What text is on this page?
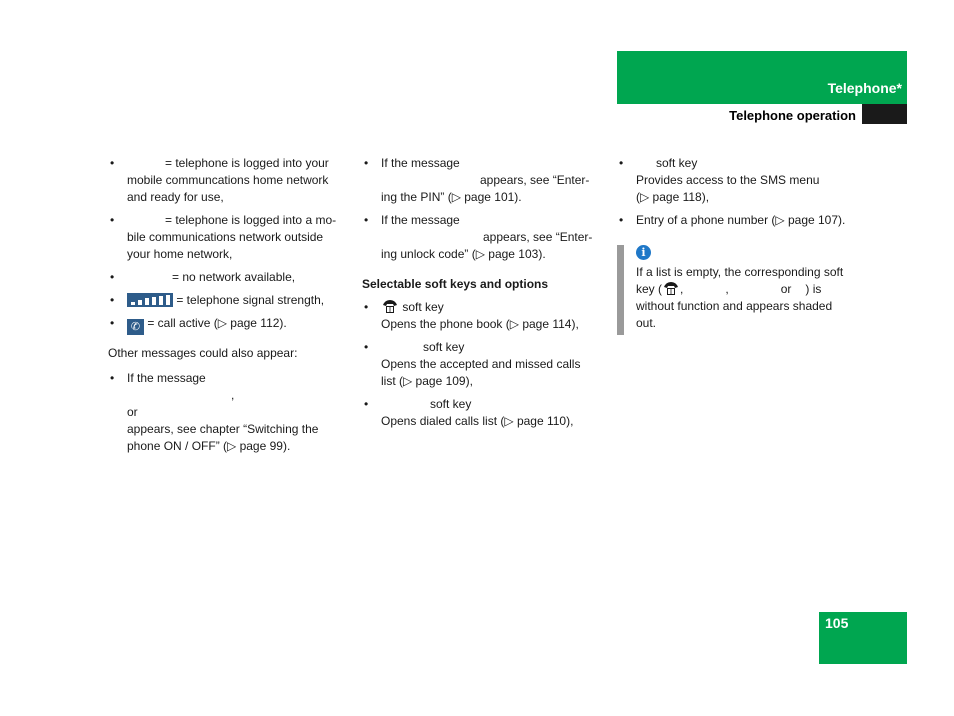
Telephone*
Telephone operation
• = telephone is logged into your
mobile communcations home network
and ready for use,
• = telephone is logged into a mo-
bile communications network outside
your home network,
• = no network available,
• = telephone signal strength,
• ✆ = call active (▷ page 112).
Other messages could also appear:
• If the message
,
or
appears, see chapter “Switching the
phone ON / OFF” (▷ page 99).
• If the message
appears, see “Enter-
ing the PIN” (▷ page 101).
• If the message
appears, see “Enter-
ing unlock code” (▷ page 103).
Selectable soft keys and options
• soft key
Opens the phone book (▷ page 114),
• soft key
Opens the accepted and missed calls
list (▷ page 109),
• soft key
Opens dialed calls list (▷ page 110),
• soft key
Provides access to the SMS menu
(▷ page 118),
• Entry of a phone number (▷ page 107).
i
If a list is empty, the corresponding soft
key ( ,	,	or ) is
without function and appears shaded
out.
105
